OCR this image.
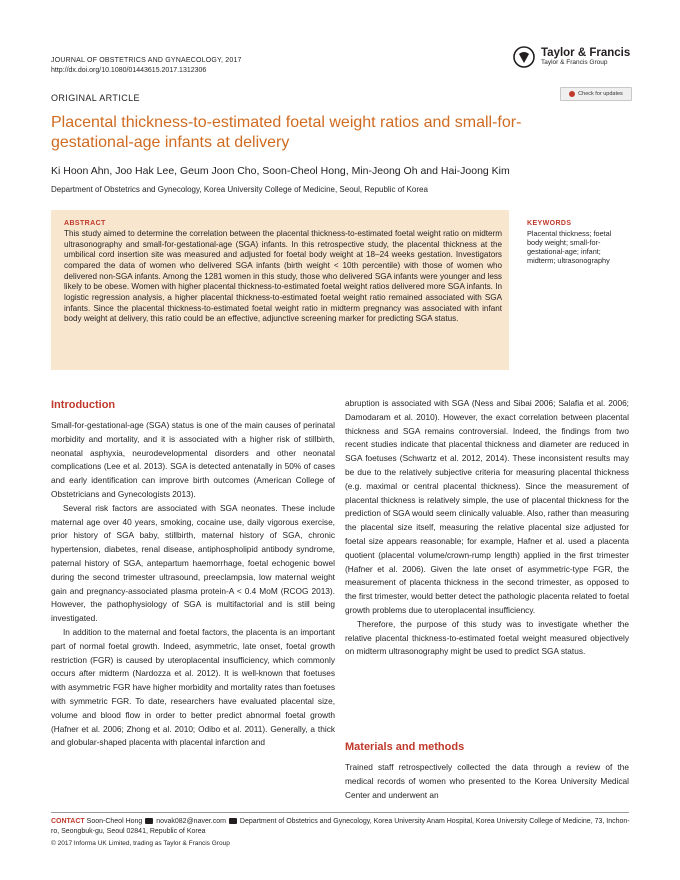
JOURNAL OF OBSTETRICS AND GYNAECOLOGY, 2017
http://dx.doi.org/10.1080/01443615.2017.1312306
Taylor & Francis
Taylor & Francis Group
ORIGINAL ARTICLE	Check for updates
Placental thickness-to-estimated foetal weight ratios and small-for-gestational-age infants at delivery
Ki Hoon Ahn, Joo Hak Lee, Geum Joon Cho, Soon-Cheol Hong, Min-Jeong Oh and Hai-Joong Kim
Department of Obstetrics and Gynecology, Korea University College of Medicine, Seoul, Republic of Korea
ABSTRACT
This study aimed to determine the correlation between the placental thickness-to-estimated foetal weight ratio on midterm ultrasonography and small-for-gestational-age (SGA) infants. In this retrospective study, the placental thickness at the umbilical cord insertion site was measured and adjusted for foetal body weight at 18–24 weeks gestation. Investigators compared the data of women who delivered SGA infants (birth weight < 10th percentile) with those of women who delivered non-SGA infants. Among the 1281 women in this study, those who delivered SGA infants were younger and less likely to be obese. Women with higher placental thickness-to-estimated foetal weight ratios delivered more SGA infants. In logistic regression analysis, a higher placental thickness-to-estimated foetal weight ratio remained associated with SGA infants. Since the placental thickness-to-estimated foetal weight ratio in midterm pregnancy was associated with infant body weight at delivery, this ratio could be an effective, adjunctive screening marker for predicting SGA status.
KEYWORDS
Placental thickness; foetal body weight; small-for-gestational-age; infant; midterm; ultrasonography
Introduction

Small-for-gestational-age (SGA) status is one of the main causes of perinatal morbidity and mortality, and it is associated with a higher risk of stillbirth, neonatal asphyxia, neurodevelopmental disorders and other neonatal complications (Lee et al. 2013). SGA is detected antenatally in 50% of cases and early identification can improve birth outcomes (American College of Obstetricians and Gynecologists 2013).

Several risk factors are associated with SGA neonates. These include maternal age over 40 years, smoking, cocaine use, daily vigorous exercise, prior history of SGA baby, stillbirth, maternal history of SGA, chronic hypertension, diabetes, renal disease, antiphospholipid antibody syndrome, paternal history of SGA, antepartum haemorrhage, foetal echogenic bowel during the second trimester ultrasound, preeclampsia, low maternal weight gain and pregnancy-associated plasma protein-A < 0.4 MoM (RCOG 2013). However, the pathophysiology of SGA is multifactorial and is still being investigated.

In addition to the maternal and foetal factors, the placenta is an important part of normal foetal growth. Indeed, asymmetric, late onset, foetal growth restriction (FGR) is caused by uteroplacental insufficiency, which commonly occurs after midterm (Nardozza et al. 2012). It is well-known that foetuses with asymmetric FGR have higher morbidity and mortality rates than foetuses with symmetric FGR. To date, researchers have evaluated placental size, volume and blood flow in order to better predict abnormal foetal growth (Hafner et al. 2006; Zhong et al. 2010; Odibo et al. 2011). Generally, a thick and globular-shaped placenta with placental infarction and

abruption is associated with SGA (Ness and Sibai 2006; Salafia et al. 2006; Damodaram et al. 2010). However, the exact correlation between placental thickness and SGA remains controversial. Indeed, the findings from two recent studies indicate that placental thickness and diameter are reduced in SGA foetuses (Schwartz et al. 2012, 2014). These inconsistent results may be due to the relatively subjective criteria for measuring placental thickness (e.g. maximal or central placental thickness). Since the measurement of placental thickness is relatively simple, the use of placental thickness for the prediction of SGA would seem clinically valuable. Also, rather than measuring the placental size itself, measuring the relative placental size adjusted for foetal size appears reasonable; for example, Hafner et al. used a placenta quotient (placental volume/crown-rump length) applied in the first trimester (Hafner et al. 2006). Given the late onset of asymmetric-type FGR, the measurement of placenta thickness in the second trimester, as opposed to the first trimester, would better detect the pathologic placenta related to foetal growth problems due to uteroplacental insufficiency.

Therefore, the purpose of this study was to investigate whether the relative placental thickness-to-estimated foetal weight measured objectively on midterm ultrasonography might be used to predict SGA status.

Materials and methods
Trained staff retrospectively collected the data through a review of the medical records of women who presented to the Korea University Medical Center and underwent an
CONTACT Soon-Cheol Hong novak082@naver.com Department of Obstetrics and Gynecology, Korea University Anam Hospital, Korea University College of Medicine, 73, Inchon-ro, Seongbuk-gu, Seoul 02841, Republic of Korea
© 2017 Informa UK Limited, trading as Taylor & Francis Group
